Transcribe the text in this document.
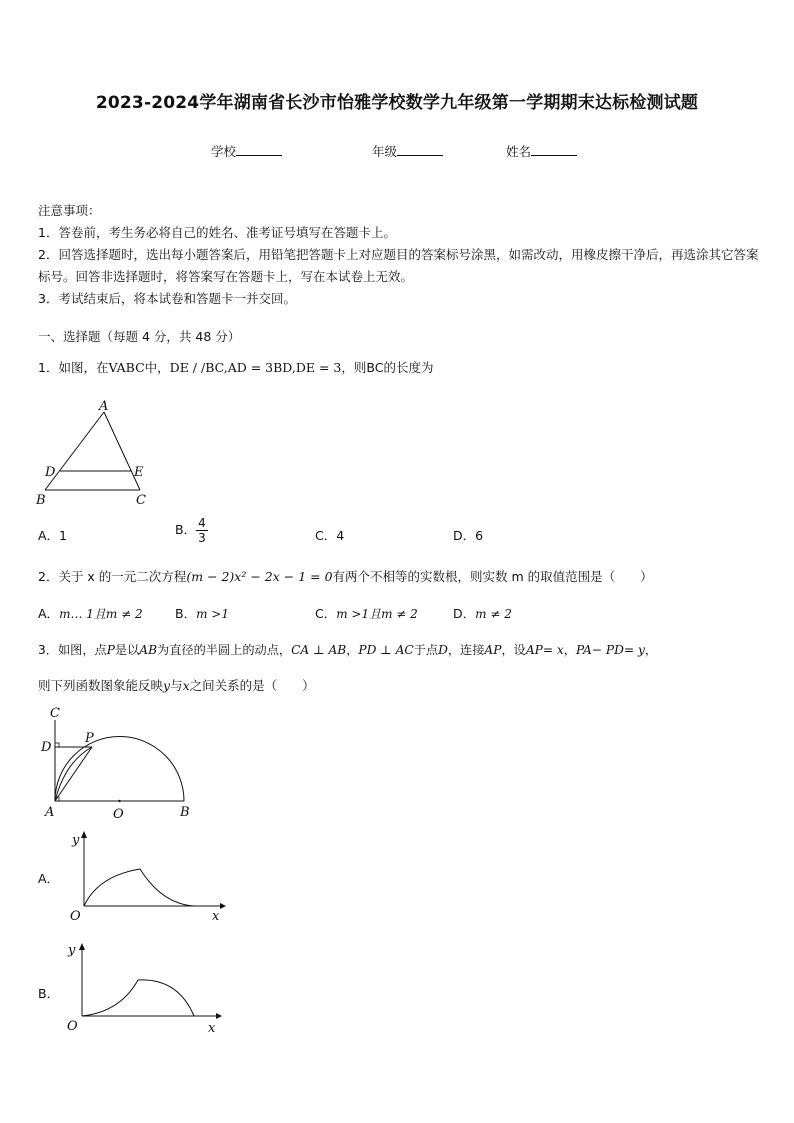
2023-2024学年湖南省长沙市怡雅学校数学九年级第一学期期末达标检测试题
学校	年级	姓名
注意事项：
1．答卷前，考生务必将自己的姓名、准考证号填写在答题卡上。
2．回答选择题时，选出每小题答案后，用铅笔把答题卡上对应题目的答案标号涂黑，如需改动，用橡皮擦干净后，再选涂其它答案标号。回答非选择题时，将答案写在答题卡上，写在本试卷上无效。
3．考试结束后，将本试卷和答题卡一并交回。
一、选择题（每题 4 分，共 48 分）
1．如图，在VABC中，DE / /BC,AD = 3BD,DE = 3，则BC的长度为
A
D	E
B	C
A．1	B． $\frac{4}{3}$	C．4	D．6
2．关于 x 的一元二次方程(m − 2)x² − 2x − 1 = 0有两个不相等的实数根，则实数 m 的取值范围是（　　）
A．m… 1且m ≠ 2	B．m >1	C．m >1且m ≠ 2	D．m ≠ 2
3．如图，点P是以AB为直径的半圆上的动点，CA ⊥ AB，PD ⊥ AC于点D，连接AP，设AP= x，PA− PD= y，
则下列函数图象能反映y与x之间关系的是（　　）
C
D
P
A	O	B
A．
y
x
O
B．
y
x
O
